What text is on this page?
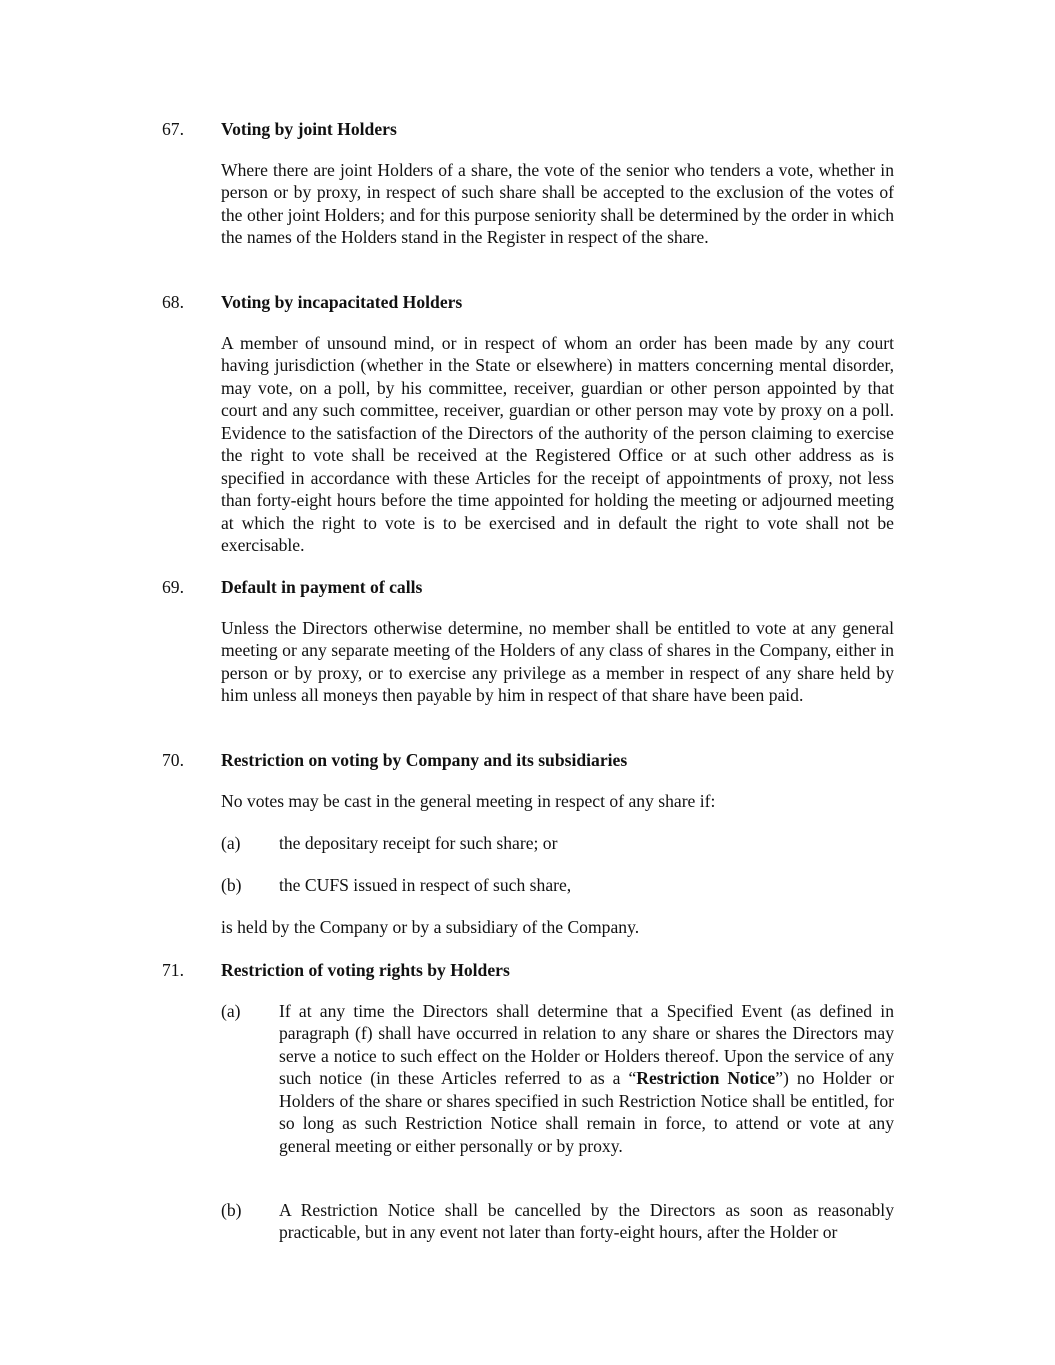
67. Voting by joint Holders
Where there are joint Holders of a share, the vote of the senior who tenders a vote, whether in person or by proxy, in respect of such share shall be accepted to the exclusion of the votes of the other joint Holders; and for this purpose seniority shall be determined by the order in which the names of the Holders stand in the Register in respect of the share.
68. Voting by incapacitated Holders
A member of unsound mind, or in respect of whom an order has been made by any court having jurisdiction (whether in the State or elsewhere) in matters concerning mental disorder, may vote, on a poll, by his committee, receiver, guardian or other person appointed by that court and any such committee, receiver, guardian or other person may vote by proxy on a poll. Evidence to the satisfaction of the Directors of the authority of the person claiming to exercise the right to vote shall be received at the Registered Office or at such other address as is specified in accordance with these Articles for the receipt of appointments of proxy, not less than forty-eight hours before the time appointed for holding the meeting or adjourned meeting at which the right to vote is to be exercised and in default the right to vote shall not be exercisable.
69. Default in payment of calls
Unless the Directors otherwise determine, no member shall be entitled to vote at any general meeting or any separate meeting of the Holders of any class of shares in the Company, either in person or by proxy, or to exercise any privilege as a member in respect of any share held by him unless all moneys then payable by him in respect of that share have been paid.
70. Restriction on voting by Company and its subsidiaries
No votes may be cast in the general meeting in respect of any share if:
(a) the depositary receipt for such share; or
(b) the CUFS issued in respect of such share,
is held by the Company or by a subsidiary of the Company.
71. Restriction of voting rights by Holders
(a) If at any time the Directors shall determine that a Specified Event (as defined in paragraph (f) shall have occurred in relation to any share or shares the Directors may serve a notice to such effect on the Holder or Holders thereof. Upon the service of any such notice (in these Articles referred to as a “Restriction Notice”) no Holder or Holders of the share or shares specified in such Restriction Notice shall be entitled, for so long as such Restriction Notice shall remain in force, to attend or vote at any general meeting or either personally or by proxy.
(b) A Restriction Notice shall be cancelled by the Directors as soon as reasonably practicable, but in any event not later than forty-eight hours, after the Holder or
